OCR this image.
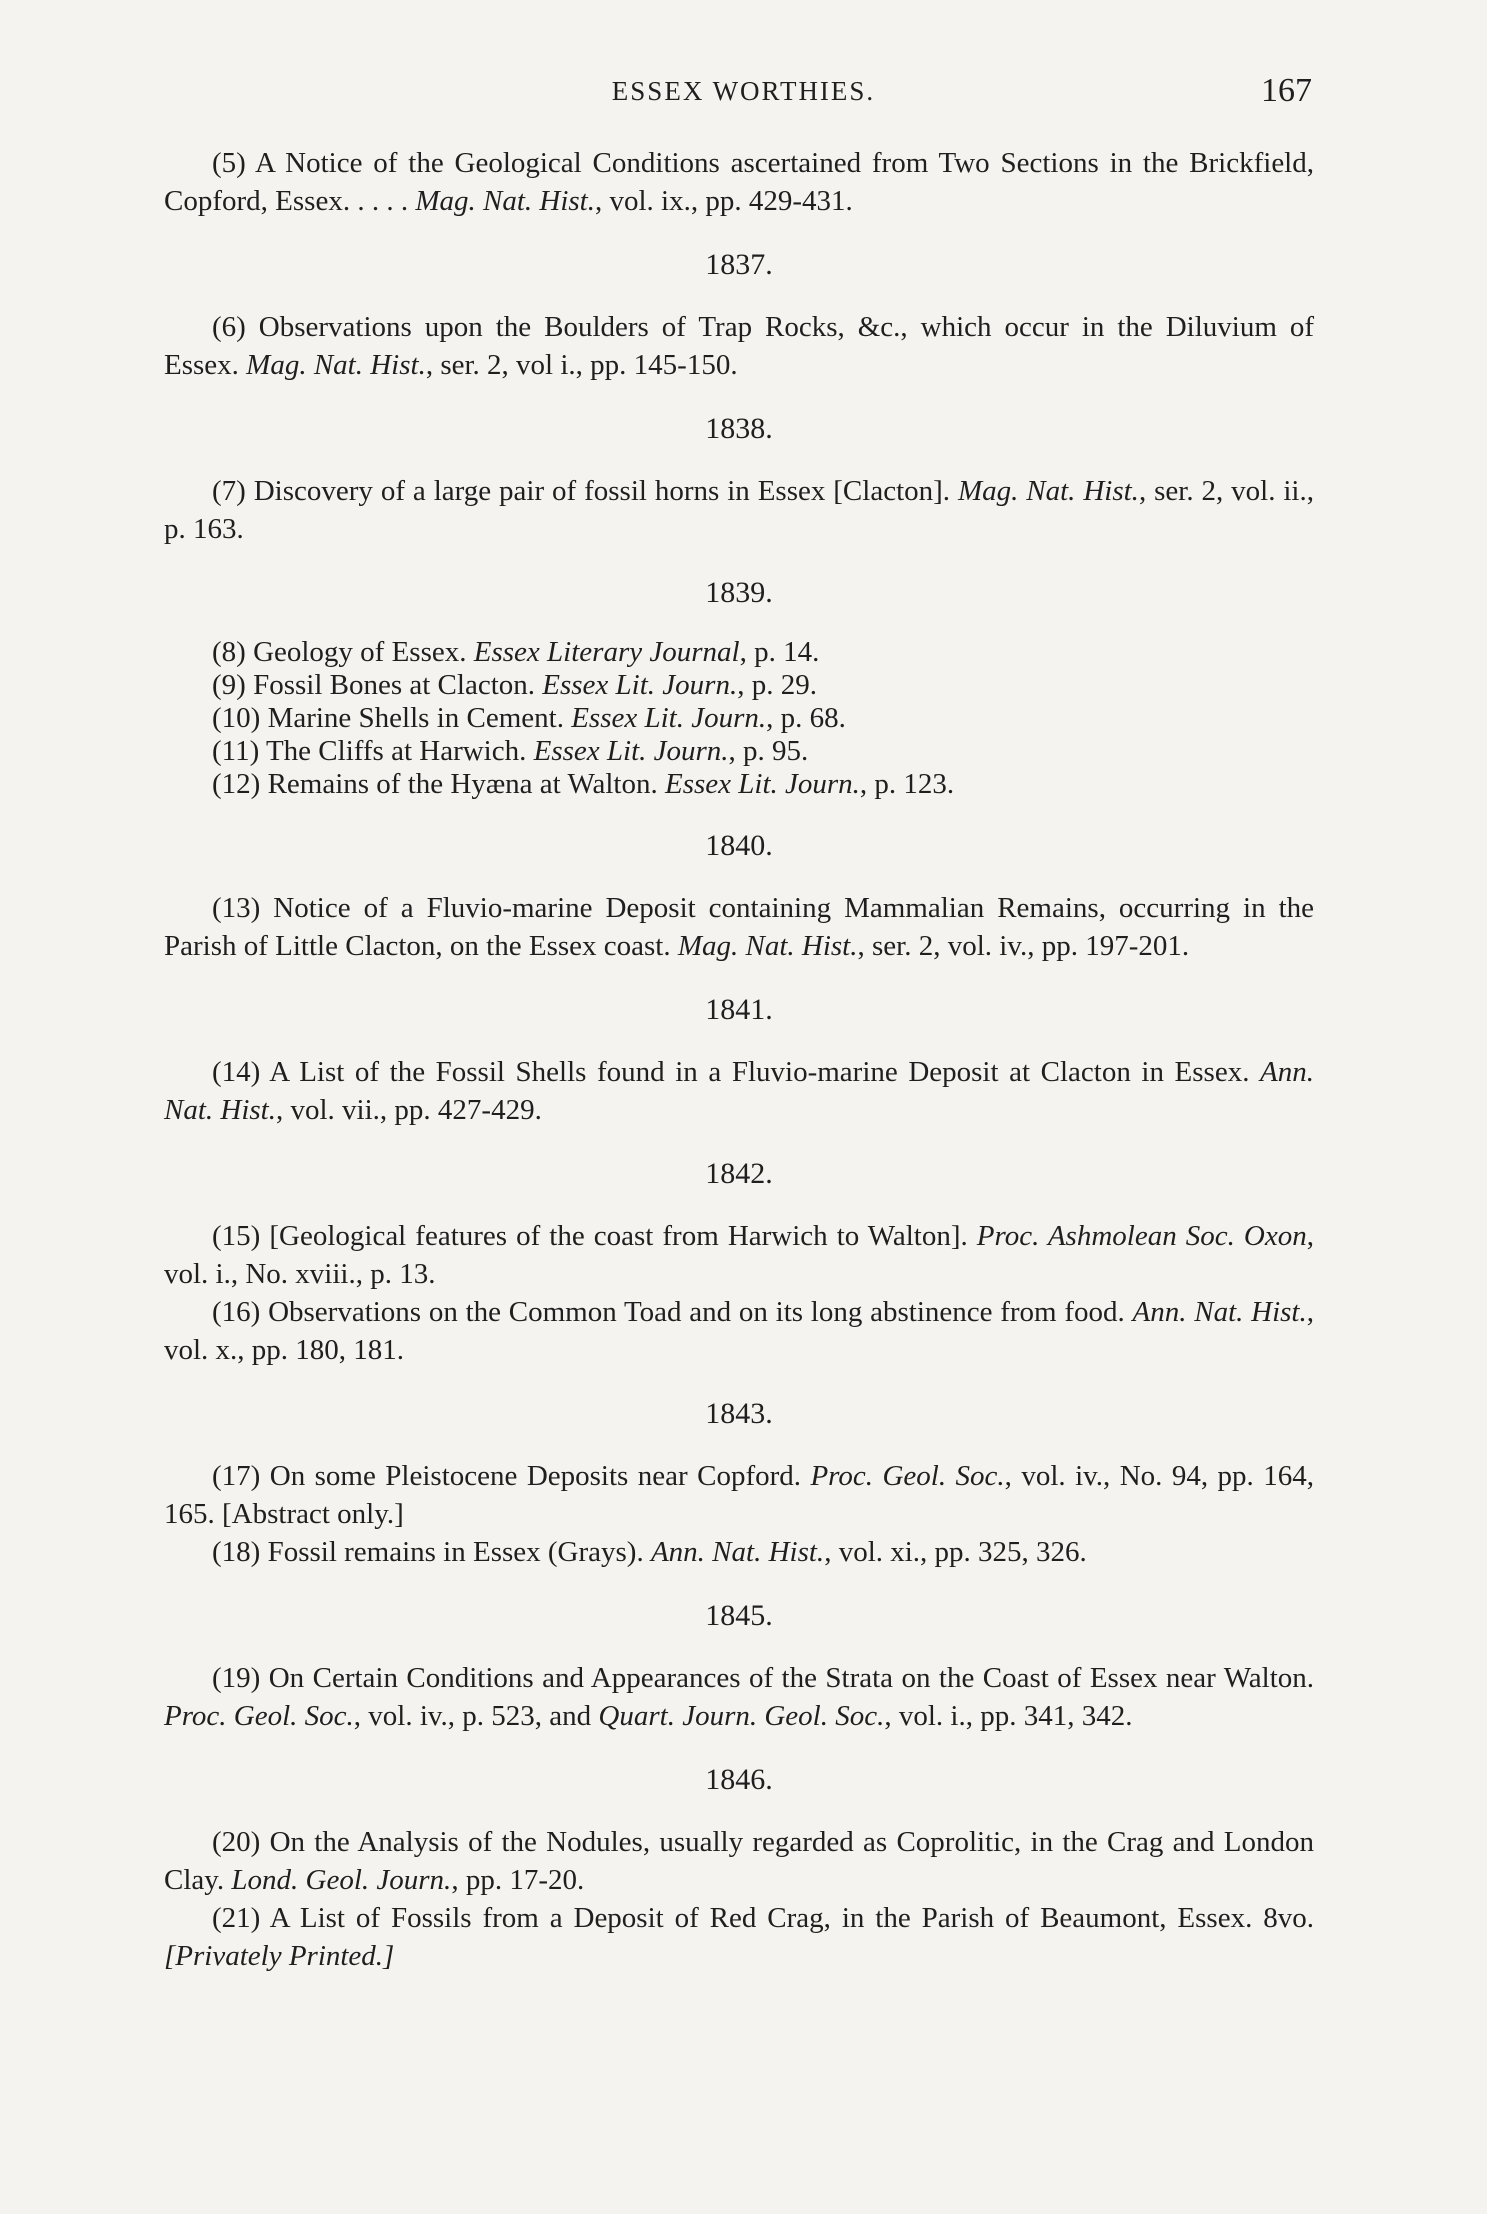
ESSEX WORTHIES.	167

(5) A Notice of the Geological Conditions ascertained from Two Sections in the Brickfield, Copford, Essex. . . . . Mag. Nat. Hist., vol. ix., pp. 429-431.

1837.

(6) Observations upon the Boulders of Trap Rocks, &c., which occur in the Diluvium of Essex. Mag. Nat. Hist., ser. 2, vol i., pp. 145-150.

1838.

(7) Discovery of a large pair of fossil horns in Essex [Clacton]. Mag. Nat. Hist., ser. 2, vol. ii., p. 163.

1839.

(8) Geology of Essex. Essex Literary Journal, p. 14.

(9) Fossil Bones at Clacton. Essex Lit. Journ., p. 29.

(10) Marine Shells in Cement. Essex Lit. Journ., p. 68.

(11) The Cliffs at Harwich. Essex Lit. Journ., p. 95.

(12) Remains of the Hyæna at Walton. Essex Lit. Journ., p. 123.

1840.

(13) Notice of a Fluvio-marine Deposit containing Mammalian Remains, occurring in the Parish of Little Clacton, on the Essex coast. Mag. Nat. Hist., ser. 2, vol. iv., pp. 197-201.

1841.

(14) A List of the Fossil Shells found in a Fluvio-marine Deposit at Clacton in Essex. Ann. Nat. Hist., vol. vii., pp. 427-429.

1842.

(15) [Geological features of the coast from Harwich to Walton]. Proc. Ashmolean Soc. Oxon, vol. i., No. xviii., p. 13.

(16) Observations on the Common Toad and on its long abstinence from food. Ann. Nat. Hist., vol. x., pp. 180, 181.

1843.

(17) On some Pleistocene Deposits near Copford. Proc. Geol. Soc., vol. iv., No. 94, pp. 164, 165. [Abstract only.]

(18) Fossil remains in Essex (Grays). Ann. Nat. Hist., vol. xi., pp. 325, 326.

1845.

(19) On Certain Conditions and Appearances of the Strata on the Coast of Essex near Walton. Proc. Geol. Soc., vol. iv., p. 523, and Quart. Journ. Geol. Soc., vol. i., pp. 341, 342.

1846.

(20) On the Analysis of the Nodules, usually regarded as Coprolitic, in the Crag and London Clay. Lond. Geol. Journ., pp. 17-20.

(21) A List of Fossils from a Deposit of Red Crag, in the Parish of Beaumont, Essex. 8vo. [Privately Printed.]
